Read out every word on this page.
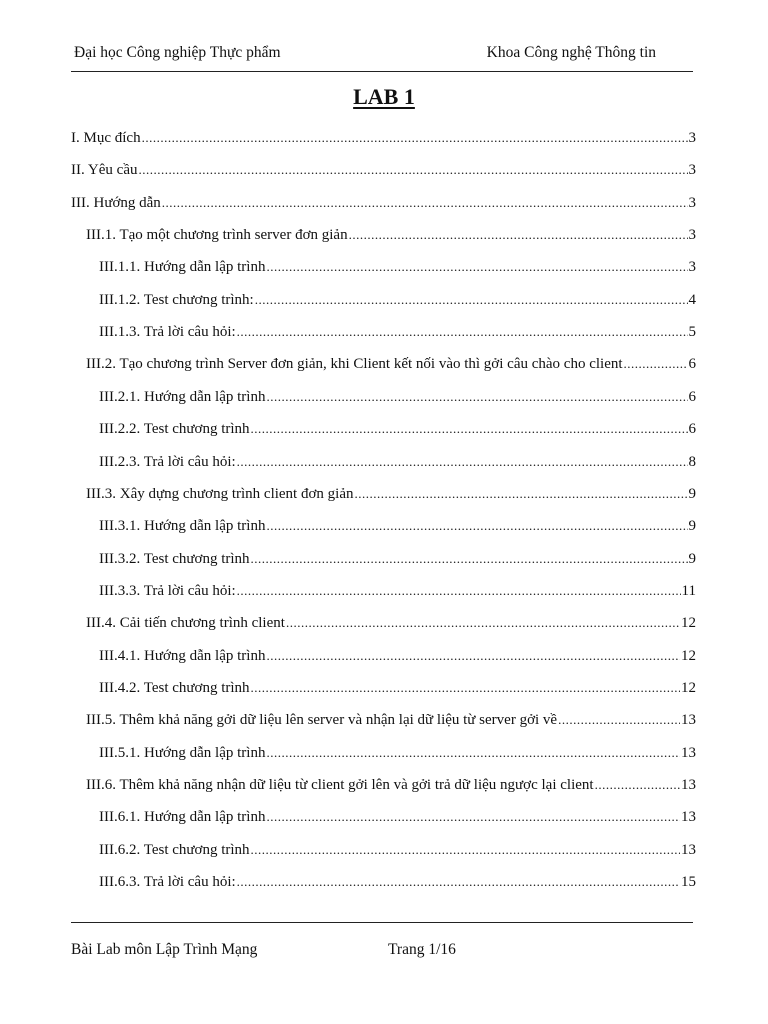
Đại học Công nghiệp Thực phẩm	Khoa Công nghệ Thông tin
LAB 1
I. Mục đích .....	3
II. Yêu cầu .....	3
III. Hướng dẫn .....	3
III.1. Tạo một chương trình server đơn giản .....	3
III.1.1. Hướng dẫn lập trình .....	3
III.1.2. Test chương trình: .....	4
III.1.3. Trả lời câu hỏi: .....	5
III.2. Tạo chương trình Server đơn giản, khi Client kết nối vào thì gởi câu chào cho client .....	6
III.2.1. Hướng dẫn lập trình .....	6
III.2.2. Test chương trình .....	6
III.2.3. Trả lời câu hỏi: .....	8
III.3. Xây dựng chương trình client đơn giản .....	9
III.3.1. Hướng dẫn lập trình .....	9
III.3.2. Test chương trình .....	9
III.3.3. Trả lời câu hỏi: .....	11
III.4. Cải tiến chương trình client .....	12
III.4.1. Hướng dẫn lập trình .....	12
III.4.2. Test chương trình .....	12
III.5. Thêm khả năng gởi dữ liệu lên server và nhận lại dữ liệu từ server gởi về .....	13
III.5.1. Hướng dẫn lập trình .....	13
III.6. Thêm khả năng nhận dữ liệu từ client gởi lên và gởi trả dữ liệu ngược lại client .....	13
III.6.1. Hướng dẫn lập trình .....	13
III.6.2. Test chương trình .....	13
III.6.3. Trả lời câu hỏi: .....	15
Bài Lab môn Lập Trình Mạng	Trang 1/16
